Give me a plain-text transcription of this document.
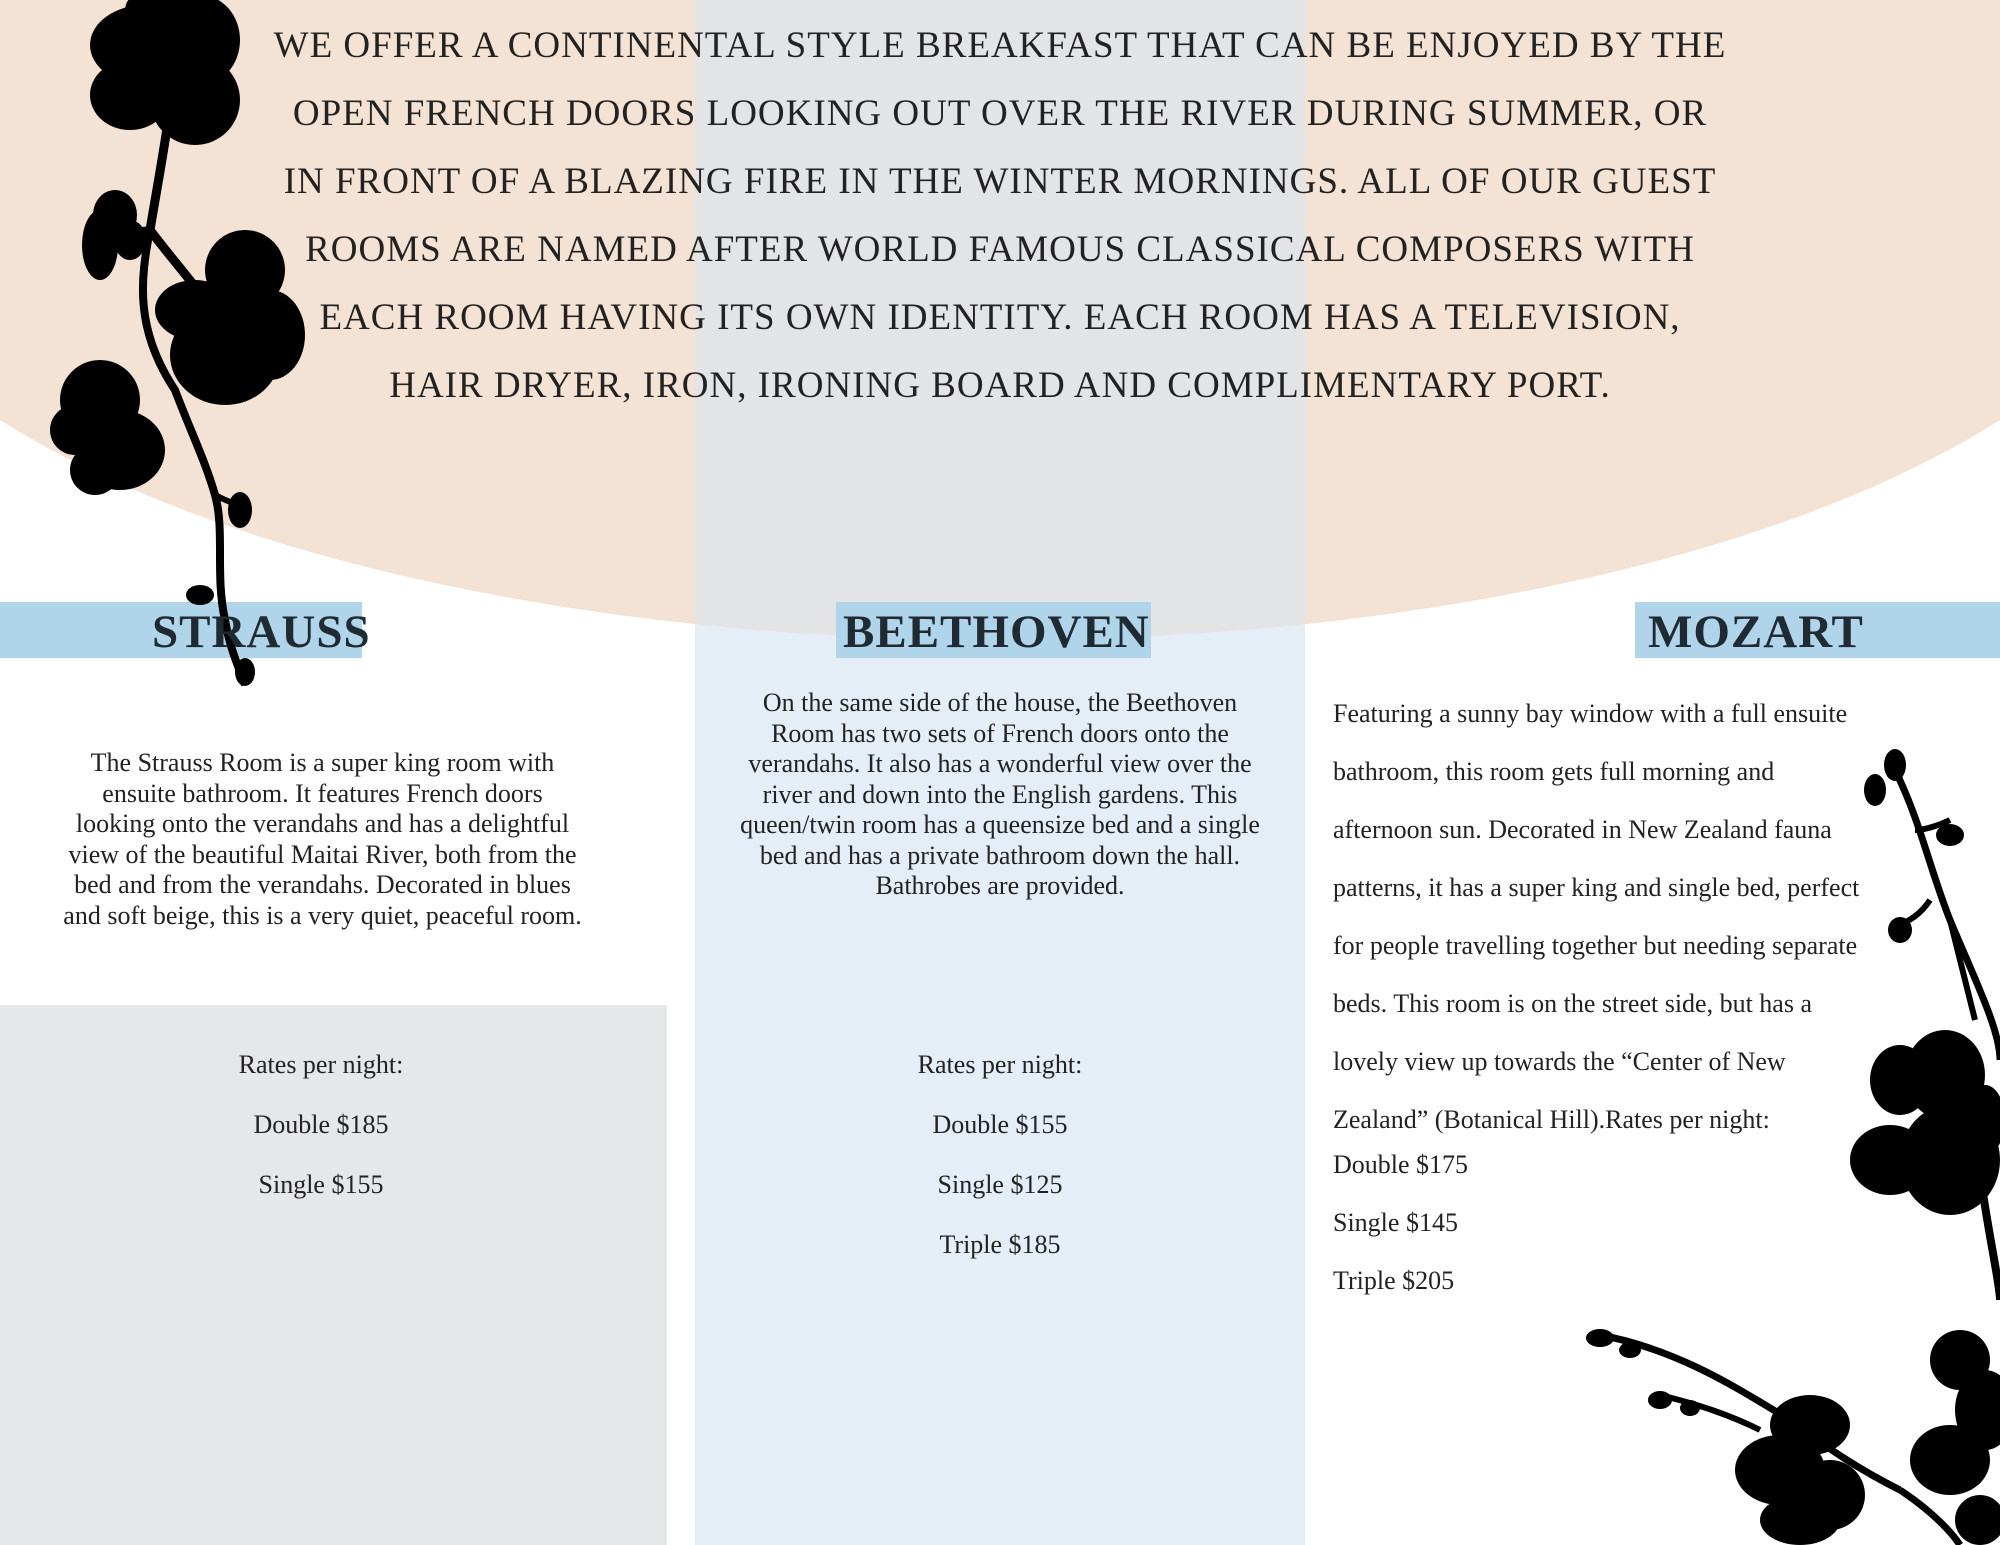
WE OFFER A CONTINENTAL STYLE BREAKFAST THAT CAN BE ENJOYED BY THE OPEN FRENCH DOORS LOOKING OUT OVER THE RIVER DURING SUMMER, OR IN FRONT OF A BLAZING FIRE IN THE WINTER MORNINGS. ALL OF OUR GUEST ROOMS ARE NAMED AFTER WORLD FAMOUS CLASSICAL COMPOSERS WITH EACH ROOM HAVING ITS OWN IDENTITY. EACH ROOM HAS A TELEVISION, HAIR DRYER, IRON, IRONING BOARD AND COMPLIMENTARY PORT.

STRAUSS	BEETHOVEN	MOZART

The Strauss Room is a super king room with ensuite bathroom. It features French doors looking onto the verandahs and has a delightful view of the beautiful Maitai River, both from the bed and from the verandahs. Decorated in blues and soft beige, this is a very quiet, peaceful room.

Rates per night:

Double $185

Single $155

On the same side of the house, the Beethoven Room has two sets of French doors onto the verandahs. It also has a wonderful view over the river and down into the English gardens. This queen/twin room has a queensize bed and a single bed and has a private bathroom down the hall. Bathrobes are provided.

Rates per night:

Double $155

Single $125

Triple $185

Featuring a sunny bay window with a full ensuite bathroom, this room gets full morning and afternoon sun. Decorated in New Zealand fauna patterns, it has a super king and single bed, perfect for people travelling together but needing separate beds. This room is on the street side, but has a lovely view up towards the “Center of New Zealand” (Botanical Hill).Rates per night:

Double $175

Single $145

Triple $205
